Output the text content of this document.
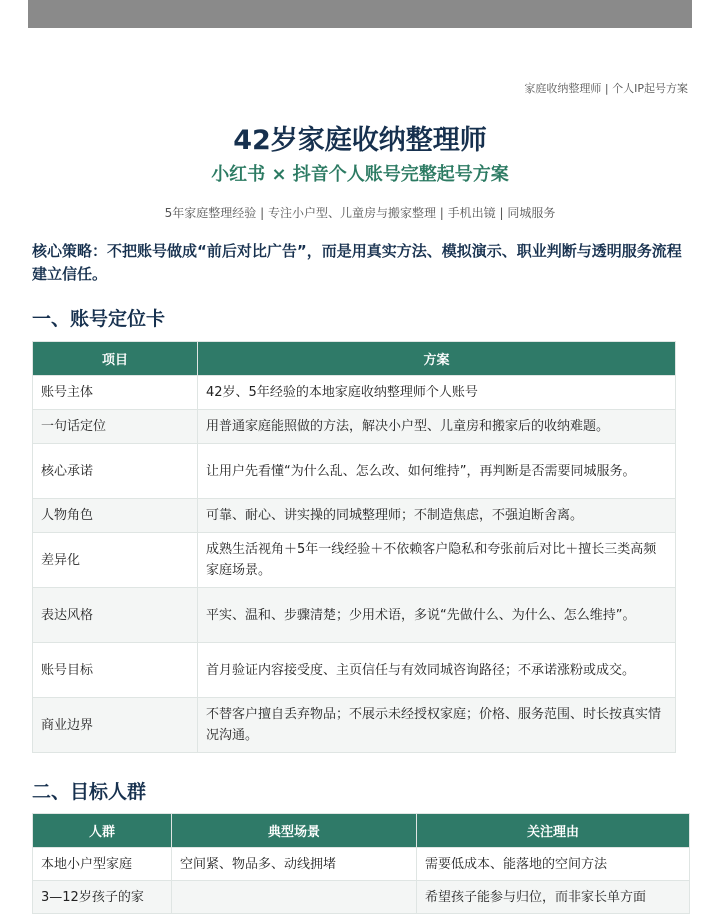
家庭收纳整理师 | 个人IP起号方案
42岁家庭收纳整理师
小红书 × 抖音个人账号完整起号方案
5年家庭整理经验 | 专注小户型、儿童房与搬家整理 | 手机出镜 | 同城服务
核心策略：不把账号做成“前后对比广告”，而是用真实方法、模拟演示、职业判断与透明服务流程建立信任。
一、账号定位卡
项目	方案
账号主体	42岁、5年经验的本地家庭收纳整理师个人账号
一句话定位	用普通家庭能照做的方法，解决小户型、儿童房和搬家后的收纳难题。
核心承诺	让用户先看懂“为什么乱、怎么改、如何维持”，再判断是否需要同城服务。
人物角色	可靠、耐心、讲实操的同城整理师；不制造焦虑，不强迫断舍离。
差异化	成熟生活视角＋5年一线经验＋不依赖客户隐私和夸张前后对比＋擅长三类高频家庭场景。
表达风格	平实、温和、步骤清楚；少用术语，多说“先做什么、为什么、怎么维持”。
账号目标	首月验证内容接受度、主页信任与有效同城咨询路径；不承诺涨粉或成交。
商业边界	不替客户擅自丢弃物品；不展示未经授权家庭；价格、服务范围、时长按真实情况沟通。
二、目标人群
人群	典型场景	关注理由
本地小户型家庭	空间紧、物品多、动线拥堵	需要低成本、能落地的空间方法
3—12岁孩子的家		希望孩子能参与归位，而非家长单方面
